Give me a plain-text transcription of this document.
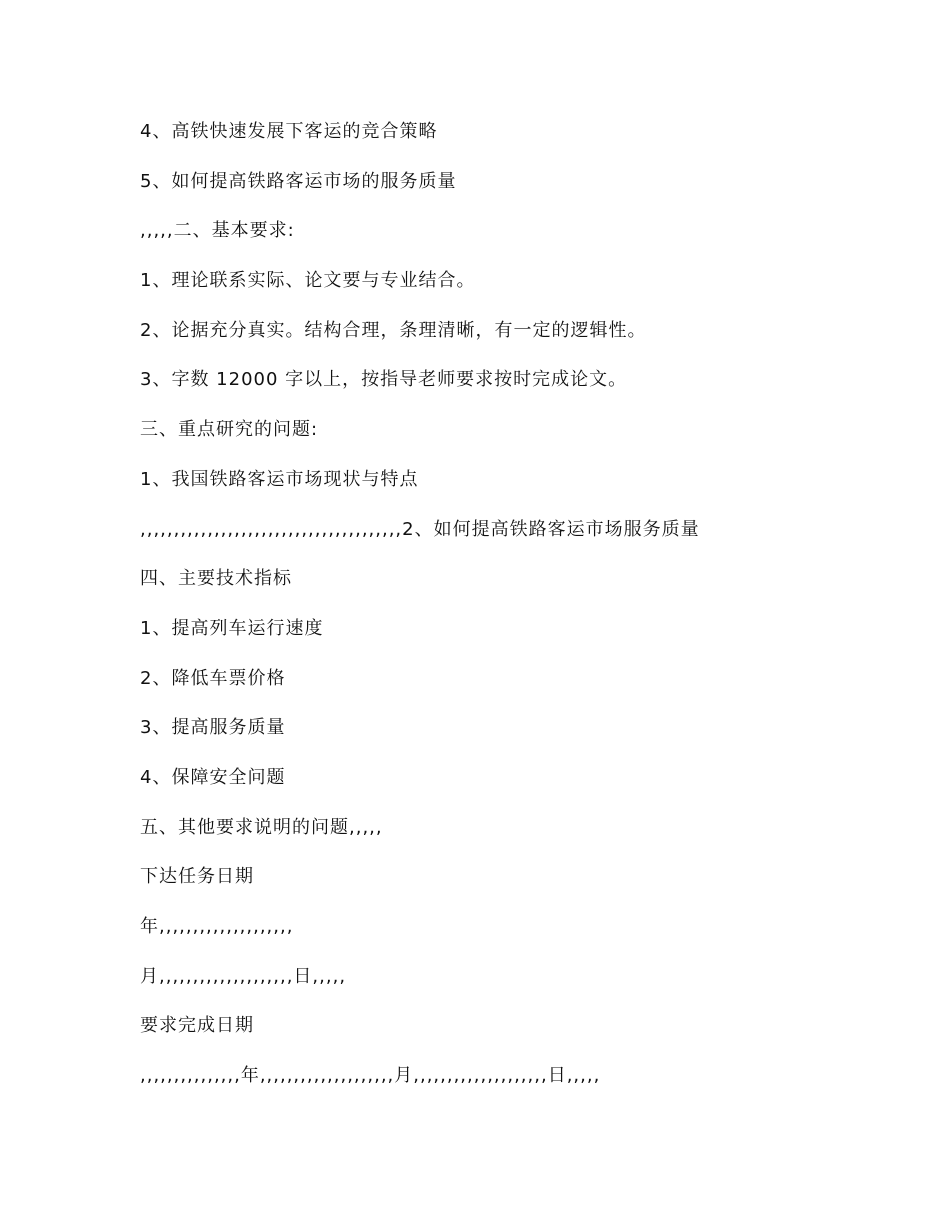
4、高铁快速发展下客运的竞合策略
5、如何提高铁路客运市场的服务质量
,,,,,二、基本要求:
1、理论联系实际、论文要与专业结合。
2、论据充分真实。结构合理，条理清晰，有一定的逻辑性。
3、字数 12000 字以上，按指导老师要求按时完成论文。
三、重点研究的问题:
1、我国铁路客运市场现状与特点
,,,,,,,,,,,,,,,,,,,,,,,,,,,,,,,,,,,,,,,2、如何提高铁路客运市场服务质量
四、主要技术指标
1、提高列车运行速度
2、降低车票价格
3、提高服务质量
4、保障安全问题
五、其他要求说明的问题,,,,,
下达任务日期
年,,,,,,,,,,,,,,,,,,,,
月,,,,,,,,,,,,,,,,,,,,日,,,,,
要求完成日期
,,,,,,,,,,,,,,,年,,,,,,,,,,,,,,,,,,,,月,,,,,,,,,,,,,,,,,,,,日,,,,,
